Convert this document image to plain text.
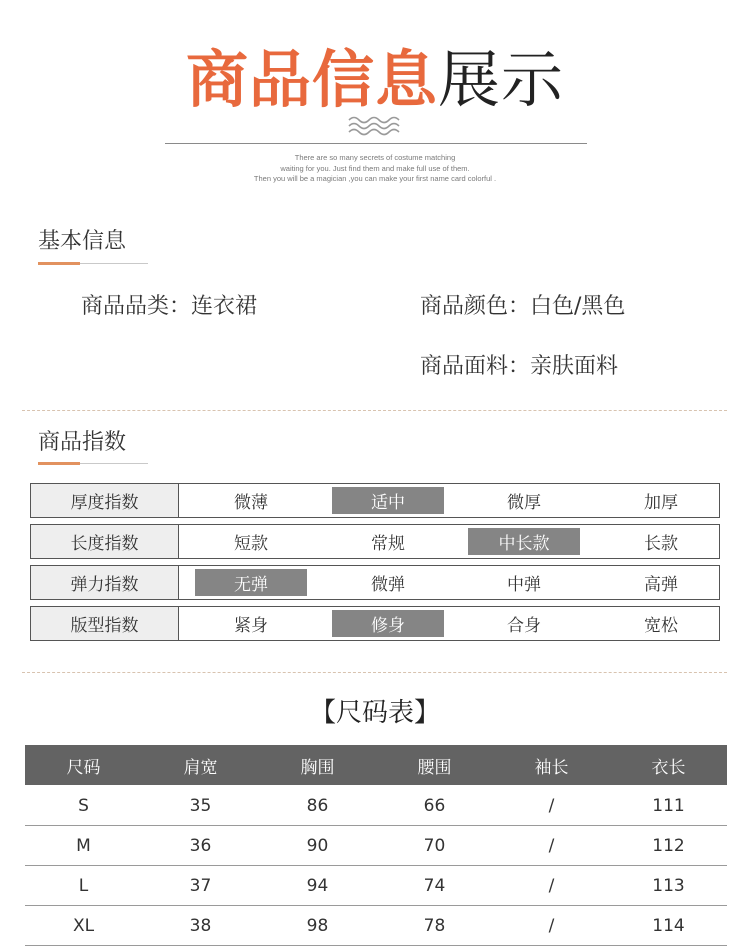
商品信息展示
There are so many secrets of costume matching
waiting for you. Just find them and make full use of them.
Then you will be a magician ,you can make your first name card colorful .
基本信息
商品品类：连衣裙	商品颜色：白色/黑色
商品面料：亲肤面料
商品指数
厚度指数	微薄	适中	微厚	加厚
长度指数	短款	常规	中长款	长款
弹力指数	无弹	微弹	中弹	高弹
版型指数	紧身	修身	合身	宽松
【尺码表】
尺码	肩宽	胸围	腰围	袖长	衣长
S	35	86	66	/	111
M	36	90	70	/	112
L	37	94	74	/	113
XL	38	98	78	/	114
